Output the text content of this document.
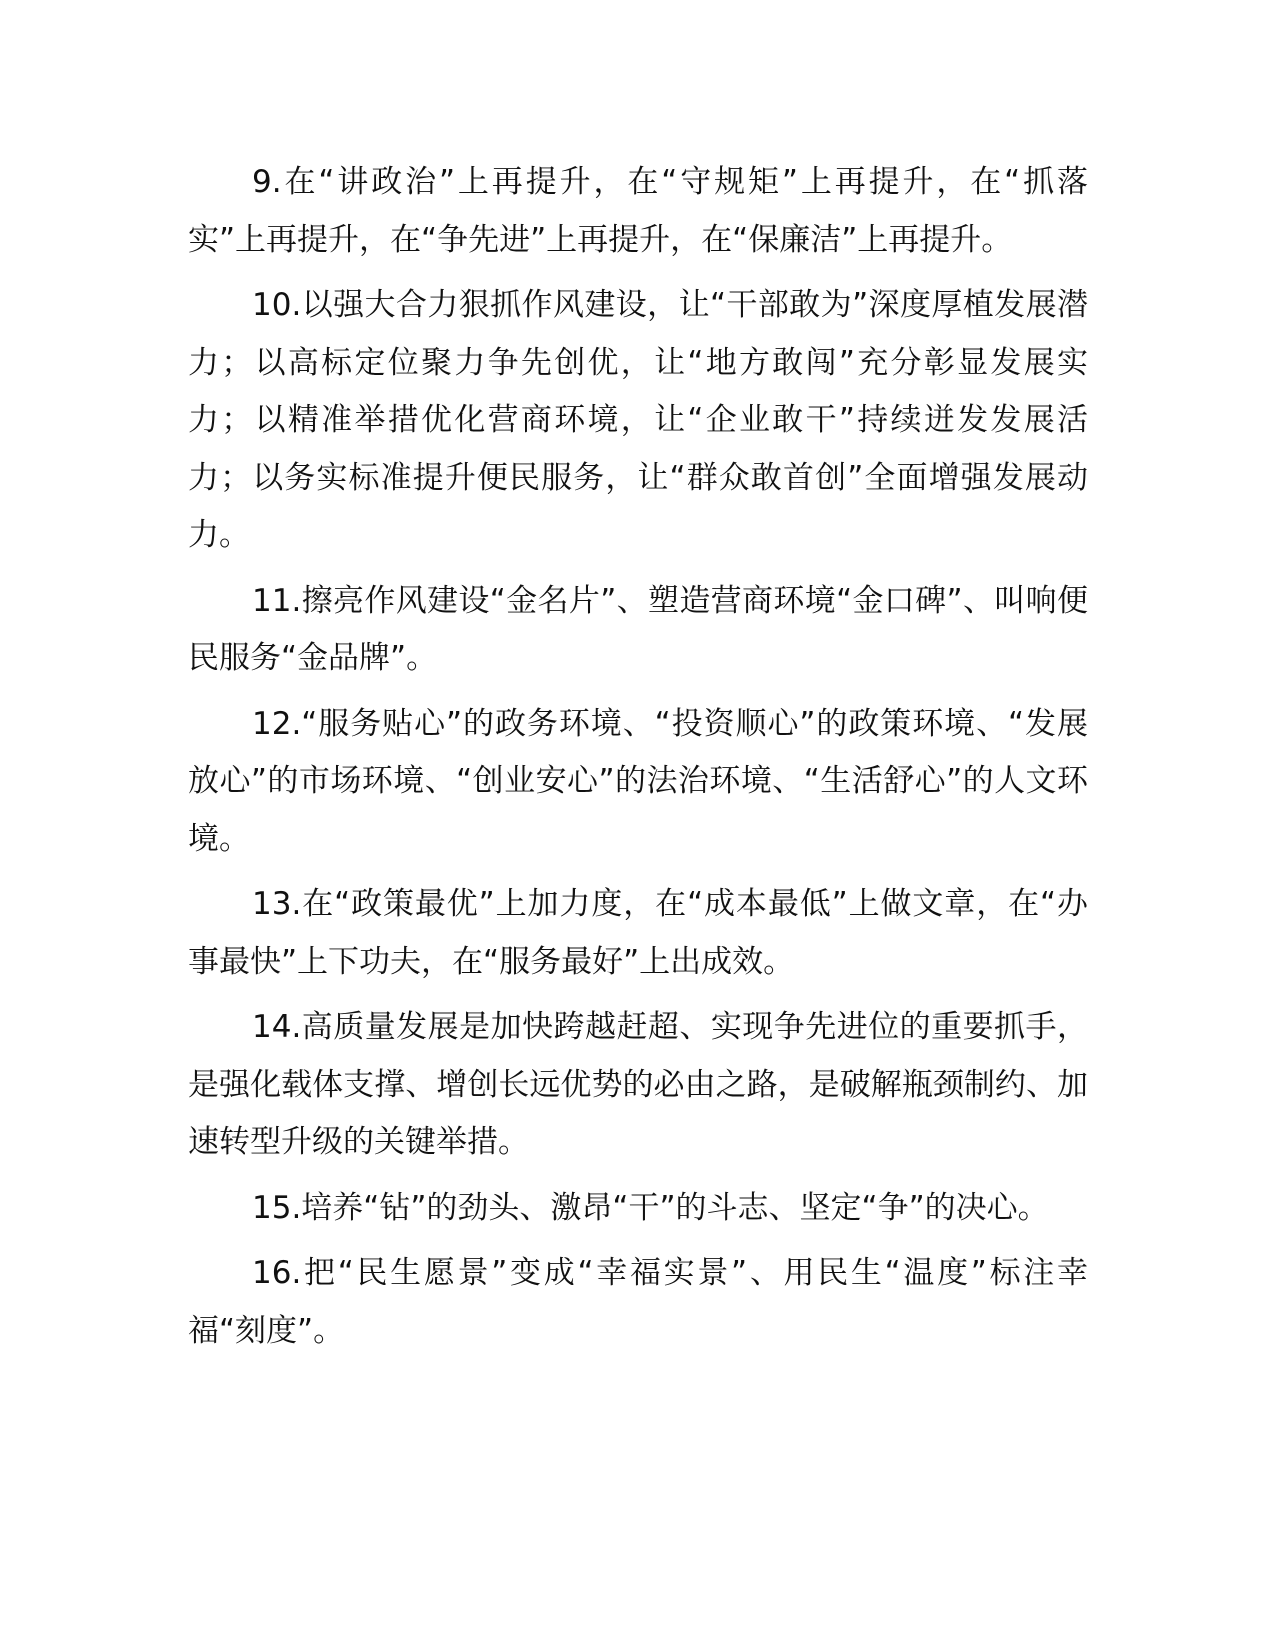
9.在“讲政治”上再提升，在“守规矩”上再提升，在“抓落实”上再提升，在“争先进”上再提升，在“保廉洁”上再提升。

10.以强大合力狠抓作风建设，让“干部敢为”深度厚植发展潜力；以高标定位聚力争先创优，让“地方敢闯”充分彰显发展实力；以精准举措优化营商环境，让“企业敢干”持续迸发发展活力；以务实标准提升便民服务，让“群众敢首创”全面增强发展动力。

11.擦亮作风建设“金名片”、塑造营商环境“金口碑”、叫响便民服务“金品牌”。

12.“服务贴心”的政务环境、“投资顺心”的政策环境、“发展放心”的市场环境、“创业安心”的法治环境、“生活舒心”的人文环境。

13.在“政策最优”上加力度，在“成本最低”上做文章，在“办事最快”上下功夫，在“服务最好”上出成效。

14.高质量发展是加快跨越赶超、实现争先进位的重要抓手，是强化载体支撑、增创长远优势的必由之路，是破解瓶颈制约、加速转型升级的关键举措。

15.培养“钻”的劲头、激昂“干”的斗志、坚定“争”的决心。

16.把“民生愿景”变成“幸福实景”、用民生“温度”标注幸福“刻度”。
